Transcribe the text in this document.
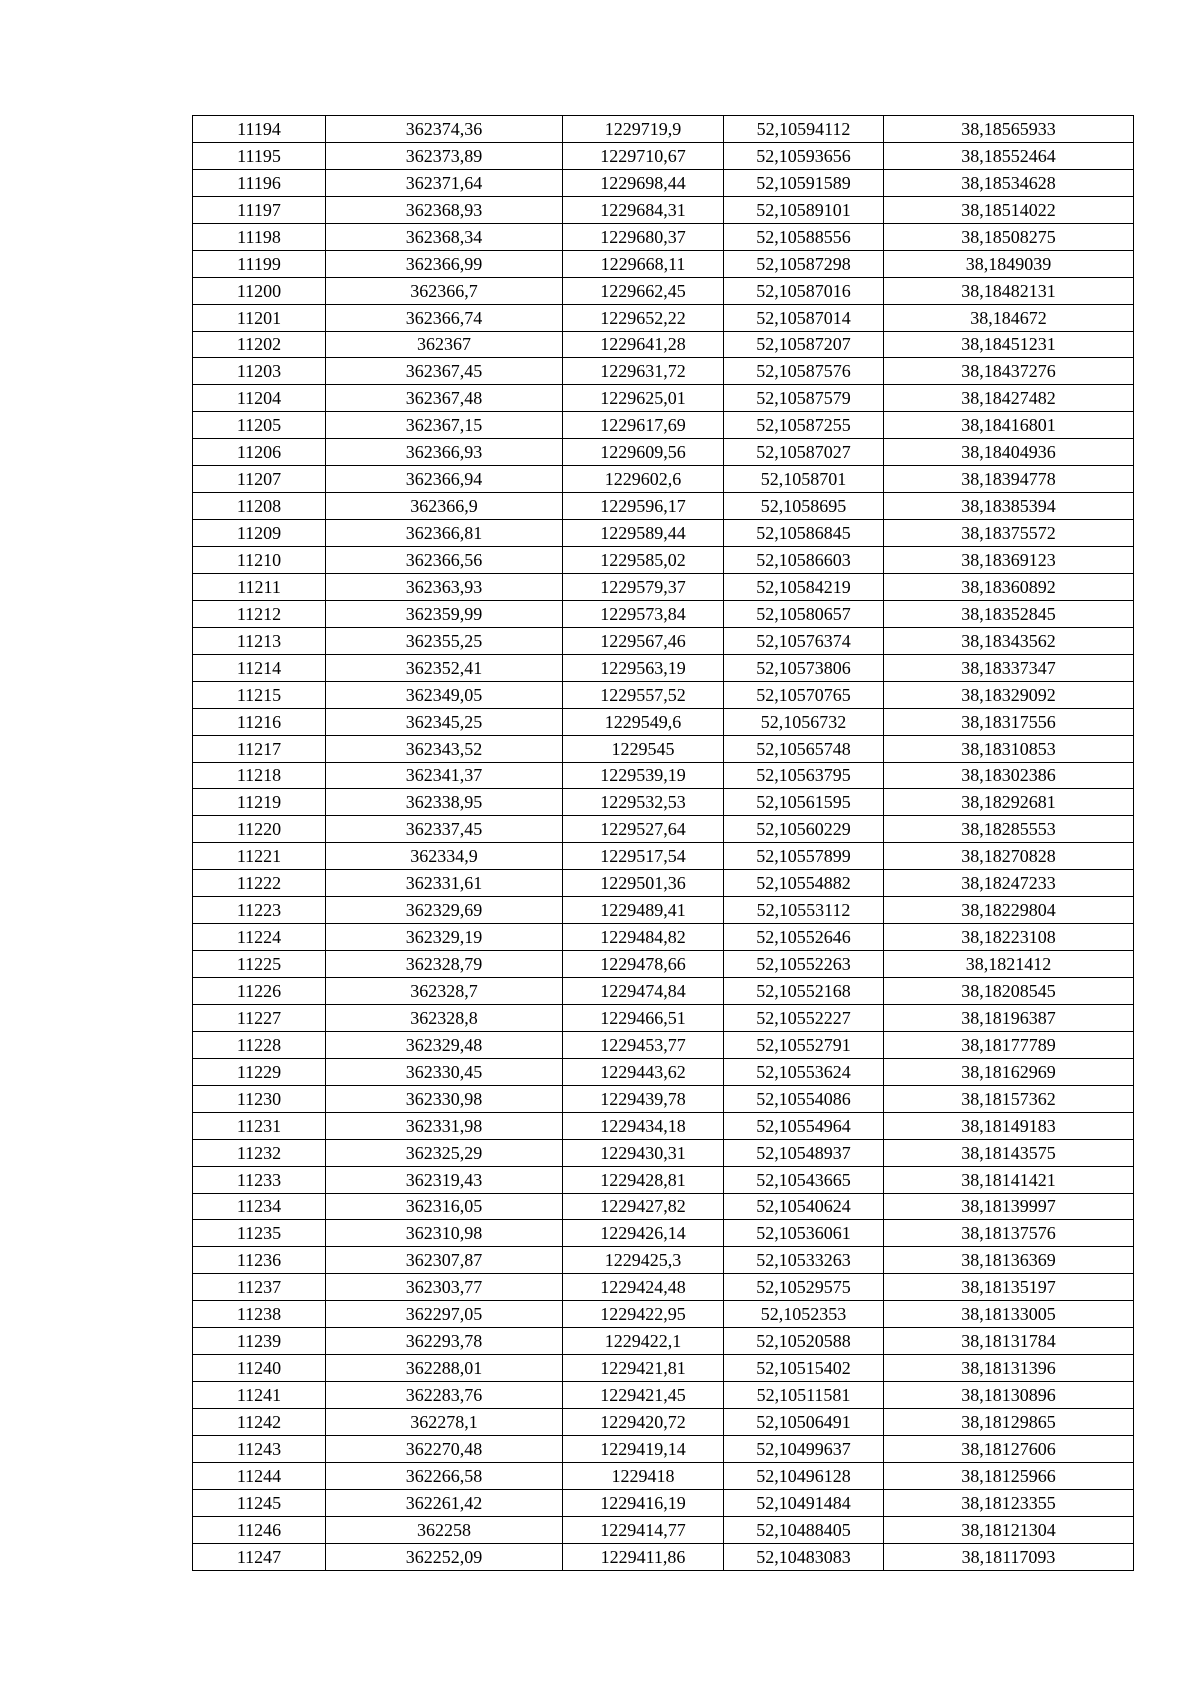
11194	362374,36	1229719,9	52,10594112	38,18565933
11195	362373,89	1229710,67	52,10593656	38,18552464
11196	362371,64	1229698,44	52,10591589	38,18534628
11197	362368,93	1229684,31	52,10589101	38,18514022
11198	362368,34	1229680,37	52,10588556	38,18508275
11199	362366,99	1229668,11	52,10587298	38,1849039
11200	362366,7	1229662,45	52,10587016	38,18482131
11201	362366,74	1229652,22	52,10587014	38,184672
11202	362367	1229641,28	52,10587207	38,18451231
11203	362367,45	1229631,72	52,10587576	38,18437276
11204	362367,48	1229625,01	52,10587579	38,18427482
11205	362367,15	1229617,69	52,10587255	38,18416801
11206	362366,93	1229609,56	52,10587027	38,18404936
11207	362366,94	1229602,6	52,1058701	38,18394778
11208	362366,9	1229596,17	52,1058695	38,18385394
11209	362366,81	1229589,44	52,10586845	38,18375572
11210	362366,56	1229585,02	52,10586603	38,18369123
11211	362363,93	1229579,37	52,10584219	38,18360892
11212	362359,99	1229573,84	52,10580657	38,18352845
11213	362355,25	1229567,46	52,10576374	38,18343562
11214	362352,41	1229563,19	52,10573806	38,18337347
11215	362349,05	1229557,52	52,10570765	38,18329092
11216	362345,25	1229549,6	52,1056732	38,18317556
11217	362343,52	1229545	52,10565748	38,18310853
11218	362341,37	1229539,19	52,10563795	38,18302386
11219	362338,95	1229532,53	52,10561595	38,18292681
11220	362337,45	1229527,64	52,10560229	38,18285553
11221	362334,9	1229517,54	52,10557899	38,18270828
11222	362331,61	1229501,36	52,10554882	38,18247233
11223	362329,69	1229489,41	52,10553112	38,18229804
11224	362329,19	1229484,82	52,10552646	38,18223108
11225	362328,79	1229478,66	52,10552263	38,1821412
11226	362328,7	1229474,84	52,10552168	38,18208545
11227	362328,8	1229466,51	52,10552227	38,18196387
11228	362329,48	1229453,77	52,10552791	38,18177789
11229	362330,45	1229443,62	52,10553624	38,18162969
11230	362330,98	1229439,78	52,10554086	38,18157362
11231	362331,98	1229434,18	52,10554964	38,18149183
11232	362325,29	1229430,31	52,10548937	38,18143575
11233	362319,43	1229428,81	52,10543665	38,18141421
11234	362316,05	1229427,82	52,10540624	38,18139997
11235	362310,98	1229426,14	52,10536061	38,18137576
11236	362307,87	1229425,3	52,10533263	38,18136369
11237	362303,77	1229424,48	52,10529575	38,18135197
11238	362297,05	1229422,95	52,1052353	38,18133005
11239	362293,78	1229422,1	52,10520588	38,18131784
11240	362288,01	1229421,81	52,10515402	38,18131396
11241	362283,76	1229421,45	52,10511581	38,18130896
11242	362278,1	1229420,72	52,10506491	38,18129865
11243	362270,48	1229419,14	52,10499637	38,18127606
11244	362266,58	1229418	52,10496128	38,18125966
11245	362261,42	1229416,19	52,10491484	38,18123355
11246	362258	1229414,77	52,10488405	38,18121304
11247	362252,09	1229411,86	52,10483083	38,18117093
